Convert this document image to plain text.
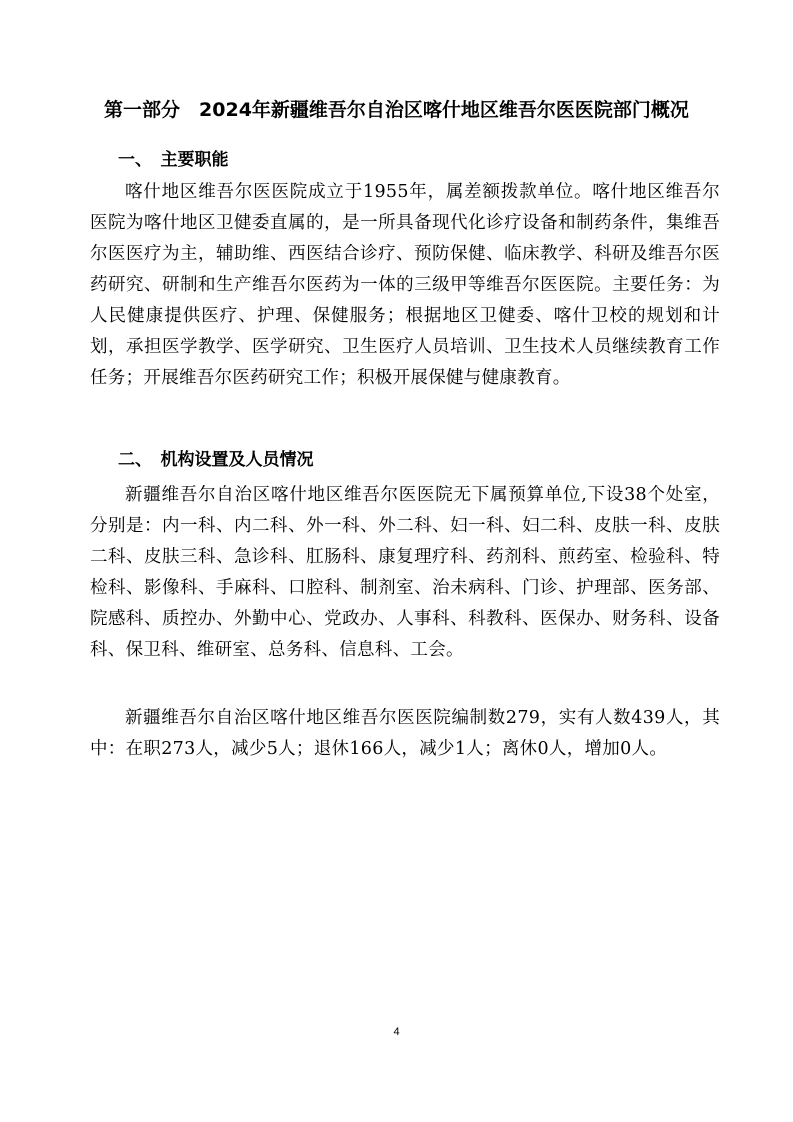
第一部分　2024年新疆维吾尔自治区喀什地区维吾尔医医院部门概况
一、　主要职能
喀什地区维吾尔医医院成立于1955年，属差额拨款单位。喀什地区维吾尔医院为喀什地区卫健委直属的，是一所具备现代化诊疗设备和制药条件，集维吾尔医医疗为主，辅助维、西医结合诊疗、预防保健、临床教学、科研及维吾尔医药研究、研制和生产维吾尔医药为一体的三级甲等维吾尔医医院。主要任务：为人民健康提供医疗、护理、保健服务；根据地区卫健委、喀什卫校的规划和计划，承担医学教学、医学研究、卫生医疗人员培训、卫生技术人员继续教育工作任务；开展维吾尔医药研究工作；积极开展保健与健康教育。
二、　机构设置及人员情况
新疆维吾尔自治区喀什地区维吾尔医医院无下属预算单位,下设38个处室，分别是：内一科、内二科、外一科、外二科、妇一科、妇二科、皮肤一科、皮肤二科、皮肤三科、急诊科、肛肠科、康复理疗科、药剂科、煎药室、检验科、特检科、影像科、手麻科、口腔科、制剂室、治未病科、门诊、护理部、医务部、院感科、质控办、外勤中心、党政办、人事科、科教科、医保办、财务科、设备科、保卫科、维研室、总务科、信息科、工会。
新疆维吾尔自治区喀什地区维吾尔医医院编制数279，实有人数439人，其中：在职273人，减少5人；退休166人，减少1人；离休0人，增加0人。
4
